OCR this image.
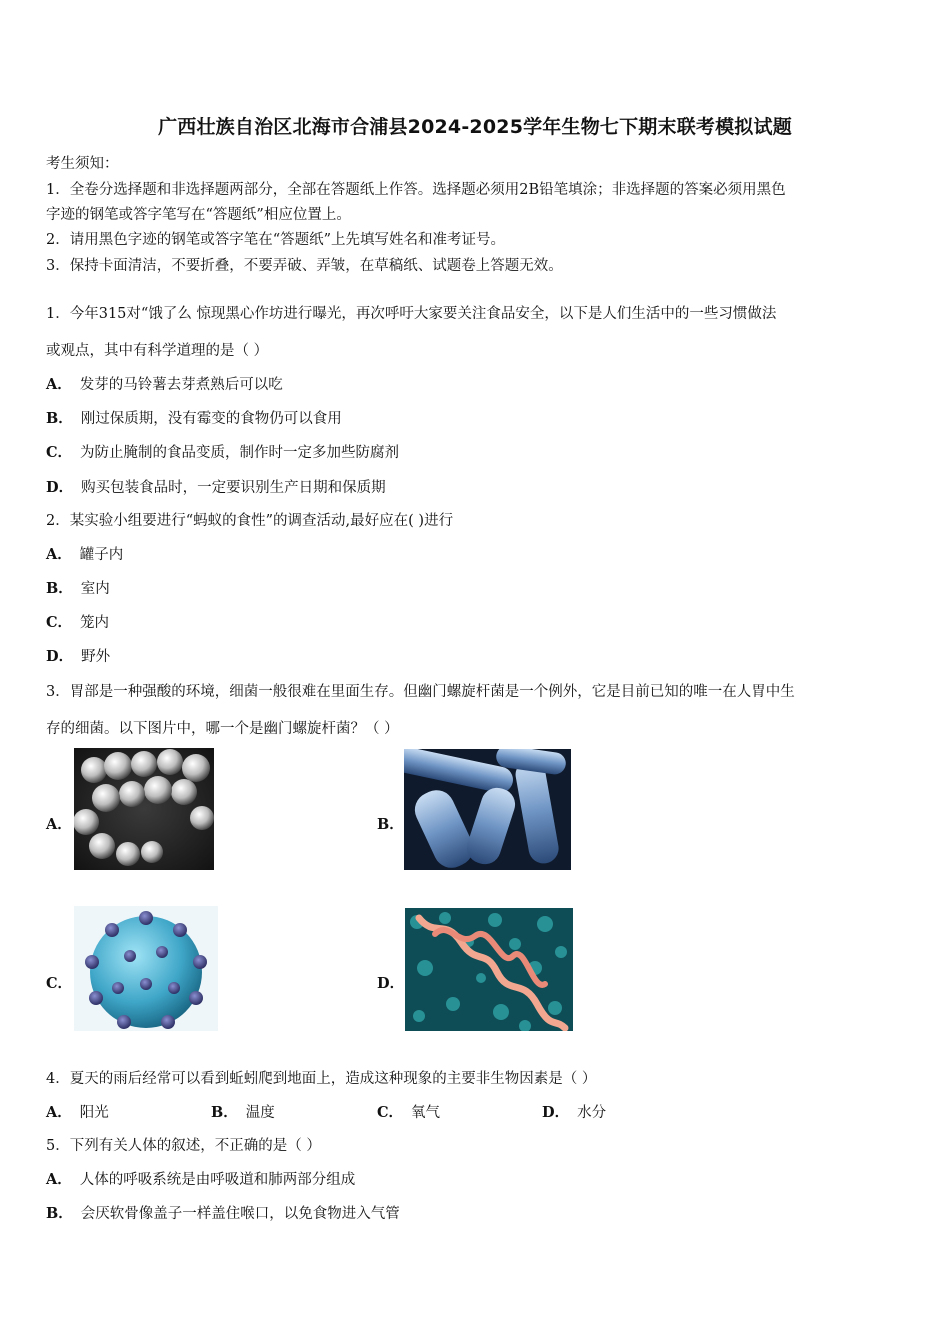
广西壮族自治区北海市合浦县2024-2025学年生物七下期末联考模拟试题
考生须知：
1．全卷分选择题和非选择题两部分，全部在答题纸上作答。选择题必须用2B铅笔填涂；非选择题的答案必须用黑色
字迹的钢笔或答字笔写在“答题纸”相应位置上。
2．请用黑色字迹的钢笔或答字笔在“答题纸”上先填写姓名和准考证号。
3．保持卡面清洁，不要折叠，不要弄破、弄皱，在草稿纸、试题卷上答题无效。
1．今年315对“饿了么 惊现黑心作坊进行曝光，再次呼吁大家要关注食品安全，以下是人们生活中的一些习惯做法
或观点，其中有科学道理的是（ ）
A． 发芽的马铃薯去芽煮熟后可以吃
B． 刚过保质期，没有霉变的食物仍可以食用
C． 为防止腌制的食品变质，制作时一定多加些防腐剂
D． 购买包装食品时，一定要识别生产日期和保质期
2．某实验小组要进行“蚂蚁的食性”的调查活动,最好应在( )进行
A． 罐子内
B． 室内
C． 笼内
D． 野外
3．胃部是一种强酸的环境，细菌一般很难在里面生存。但幽门螺旋杆菌是一个例外，它是目前已知的唯一在人胃中生
存的细菌。以下图片中，哪一个是幽门螺旋杆菌？（ ）
A．	B．
C．	D．
4．夏天的雨后经常可以看到蚯蚓爬到地面上，造成这种现象的主要非生物因素是（ ）
A． 阳光	B． 温度	C． 氧气	D． 水分
5．下列有关人体的叙述，不正确的是（ ）
A． 人体的呼吸系统是由呼吸道和肺两部分组成
B． 会厌软骨像盖子一样盖住喉口，以免食物进入气管
